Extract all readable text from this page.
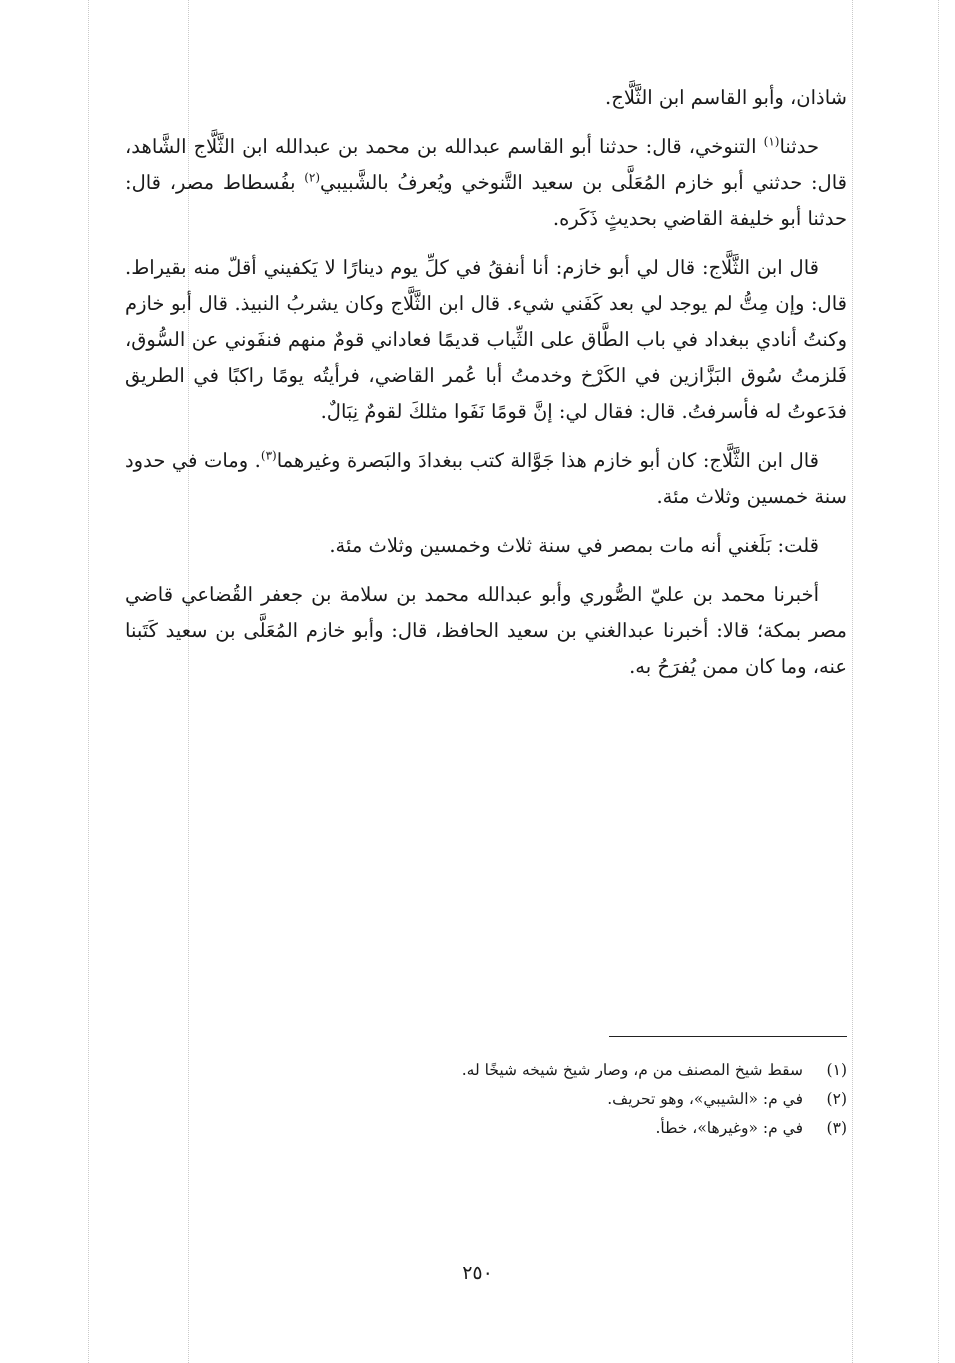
شاذان، وأبو القاسم ابن الثَّلَّاج.

حدثنا$^{(١)}$ التنوخي، قال: حدثنا أبو القاسم عبدالله بن محمد بن عبدالله ابن الثَّلَّاج الشَّاهد، قال: حدثني أبو خازم المُعَلَّى بن سعيد التَّنوخي ويُعرفُ بالشَّبيبي$^{(٢)}$ بفُسطاط مصر، قال: حدثنا أبو خليفة القاضي بحديثٍ ذَكَره.

قال ابن الثَّلَّاج: قال لي أبو خازم: أنا أنفقُ في كلِّ يوم دينارًا لا يَكفيني أقلّ منه بقيراط. قال: وإن مِتُّ لم يوجد لي بعد كَفَني شيء. قال ابن الثَّلَّاج وكان يشربُ النبيذ. قال أبو خازم وكنتُ أنادي ببغداد في باب الطَّاق على الثِّياب قديمًا فعاداني قومٌ منهم فنفَوني عن السُّوق، فَلزمتُ سُوق البَزَّازين في الكَرْخ وخدمتُ أبا عُمر القاضي، فرأيتُه يومًا راكبًا في الطريق فدَعوتُ له فأسرفتُ. قال: فقال لي: إنَّ قومًا نَفَوا مثلكَ لقومٌ نِبَالٌ.

قال ابن الثَّلَّاج: كان أبو خازم هذا جَوَّالة كتب ببغدادَ والبَصرة وغيرهما$^{(٣)}$. ومات في حدود سنة خمسين وثلاث مئة.

قلت: بَلَغني أنه مات بمصر في سنة ثلاث وخمسين وثلاث مئة.

أخبرنا محمد بن عليّ الصُّوري وأبو عبدالله محمد بن سلامة بن جعفر القُضاعي قاضي مصر بمكة؛ قالا: أخبرنا عبدالغني بن سعيد الحافظ، قال: وأبو خازم المُعَلَّى بن سعيد كَتَبنا عنه، وما كان ممن يُفرَحُ به.

(١)
سقط شيخ المصنف من م، وصار شيخ شيخه شيخًا له.
(٢)
في م: «الشيبي»، وهو تحريف.
(٣)
في م: «وغيرها»، خطأ.
٢٥٠
